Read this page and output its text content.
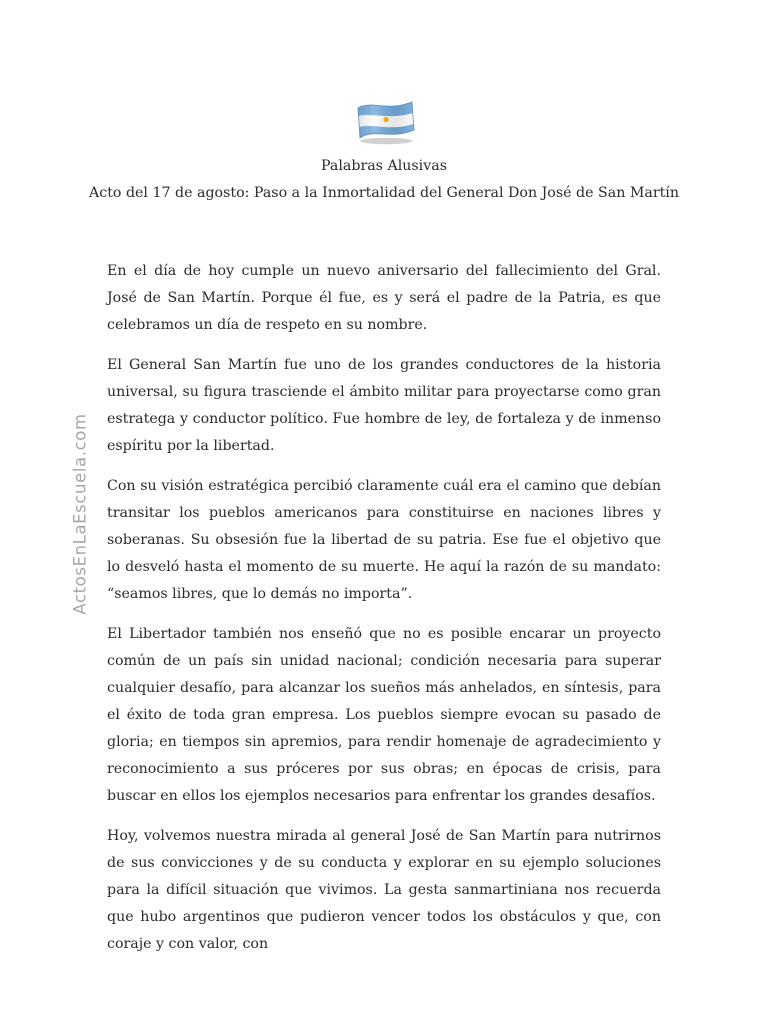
Palabras Alusivas
Acto del 17 de agosto: Paso a la Inmortalidad del General Don José de San Martín
ActosEnLaEscuela.com

En el día de hoy cumple un nuevo aniversario del fallecimiento del Gral. José de San Martín. Porque él fue, es y será el padre de la Patria, es que celebramos un día de respeto en su nombre.

El General San Martín fue uno de los grandes conductores de la historia universal, su figura trasciende el ámbito militar para proyectarse como gran estratega y conductor político. Fue hombre de ley, de fortaleza y de inmenso espíritu por la libertad.

Con su visión estratégica percibió claramente cuál era el camino que debían transitar los pueblos americanos para constituirse en naciones libres y soberanas. Su obsesión fue la libertad de su patria. Ese fue el objetivo que lo desveló hasta el momento de su muerte. He aquí la razón de su mandato: “seamos libres, que lo demás no importa”.

El Libertador también nos enseñó que no es posible encarar un proyecto común de un país sin unidad nacional; condición necesaria para superar cualquier desafío, para alcanzar los sueños más anhelados, en síntesis, para el éxito de toda gran empresa. Los pueblos siempre evocan su pasado de gloria; en tiempos sin apremios, para rendir homenaje de agradecimiento y reconocimiento a sus próceres por sus obras; en épocas de crisis, para buscar en ellos los ejemplos necesarios para enfrentar los grandes desafíos.

Hoy, volvemos nuestra mirada al general José de San Martín para nutrirnos de sus convicciones y de su conducta y explorar en su ejemplo soluciones para la difícil situación que vivimos. La gesta sanmartiniana nos recuerda que hubo argentinos que pudieron vencer todos los obstáculos y que, con coraje y con valor, con
